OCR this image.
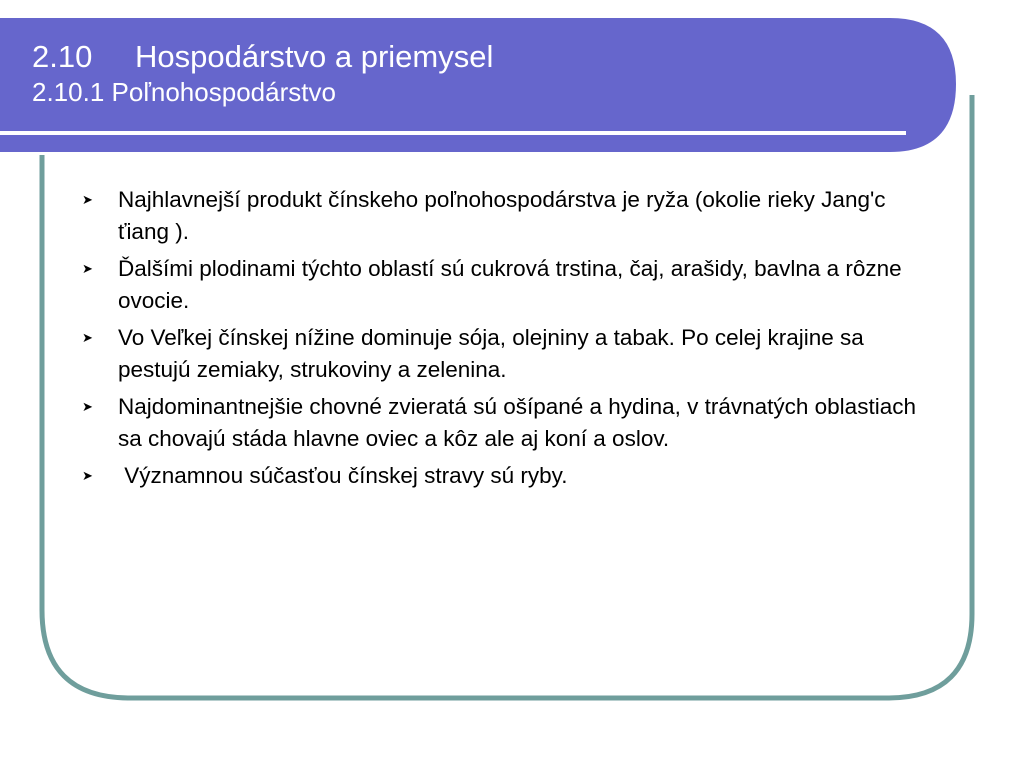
2.10 Hospodárstvo a priemysel
2.10.1 Poľnohospodárstvo
➤ Najhlavnejší produkt čínskeho poľnohospodárstva je ryža (okolie rieky Jang'c ťiang ).
➤ Ďalšími plodinami týchto oblastí sú cukrová trstina, čaj, arašidy, bavlna a rôzne ovocie.
➤ Vo Veľkej čínskej nížine dominuje sója, olejniny a tabak. Po celej krajine sa pestujú zemiaky, strukoviny a zelenina.
➤ Najdominantnejšie chovné zvieratá sú ošípané a hydina, v trávnatých oblastiach  sa chovajú stáda hlavne oviec a kôz ale aj koní a oslov.
➤ Významnou súčasťou čínskej stravy sú ryby.
